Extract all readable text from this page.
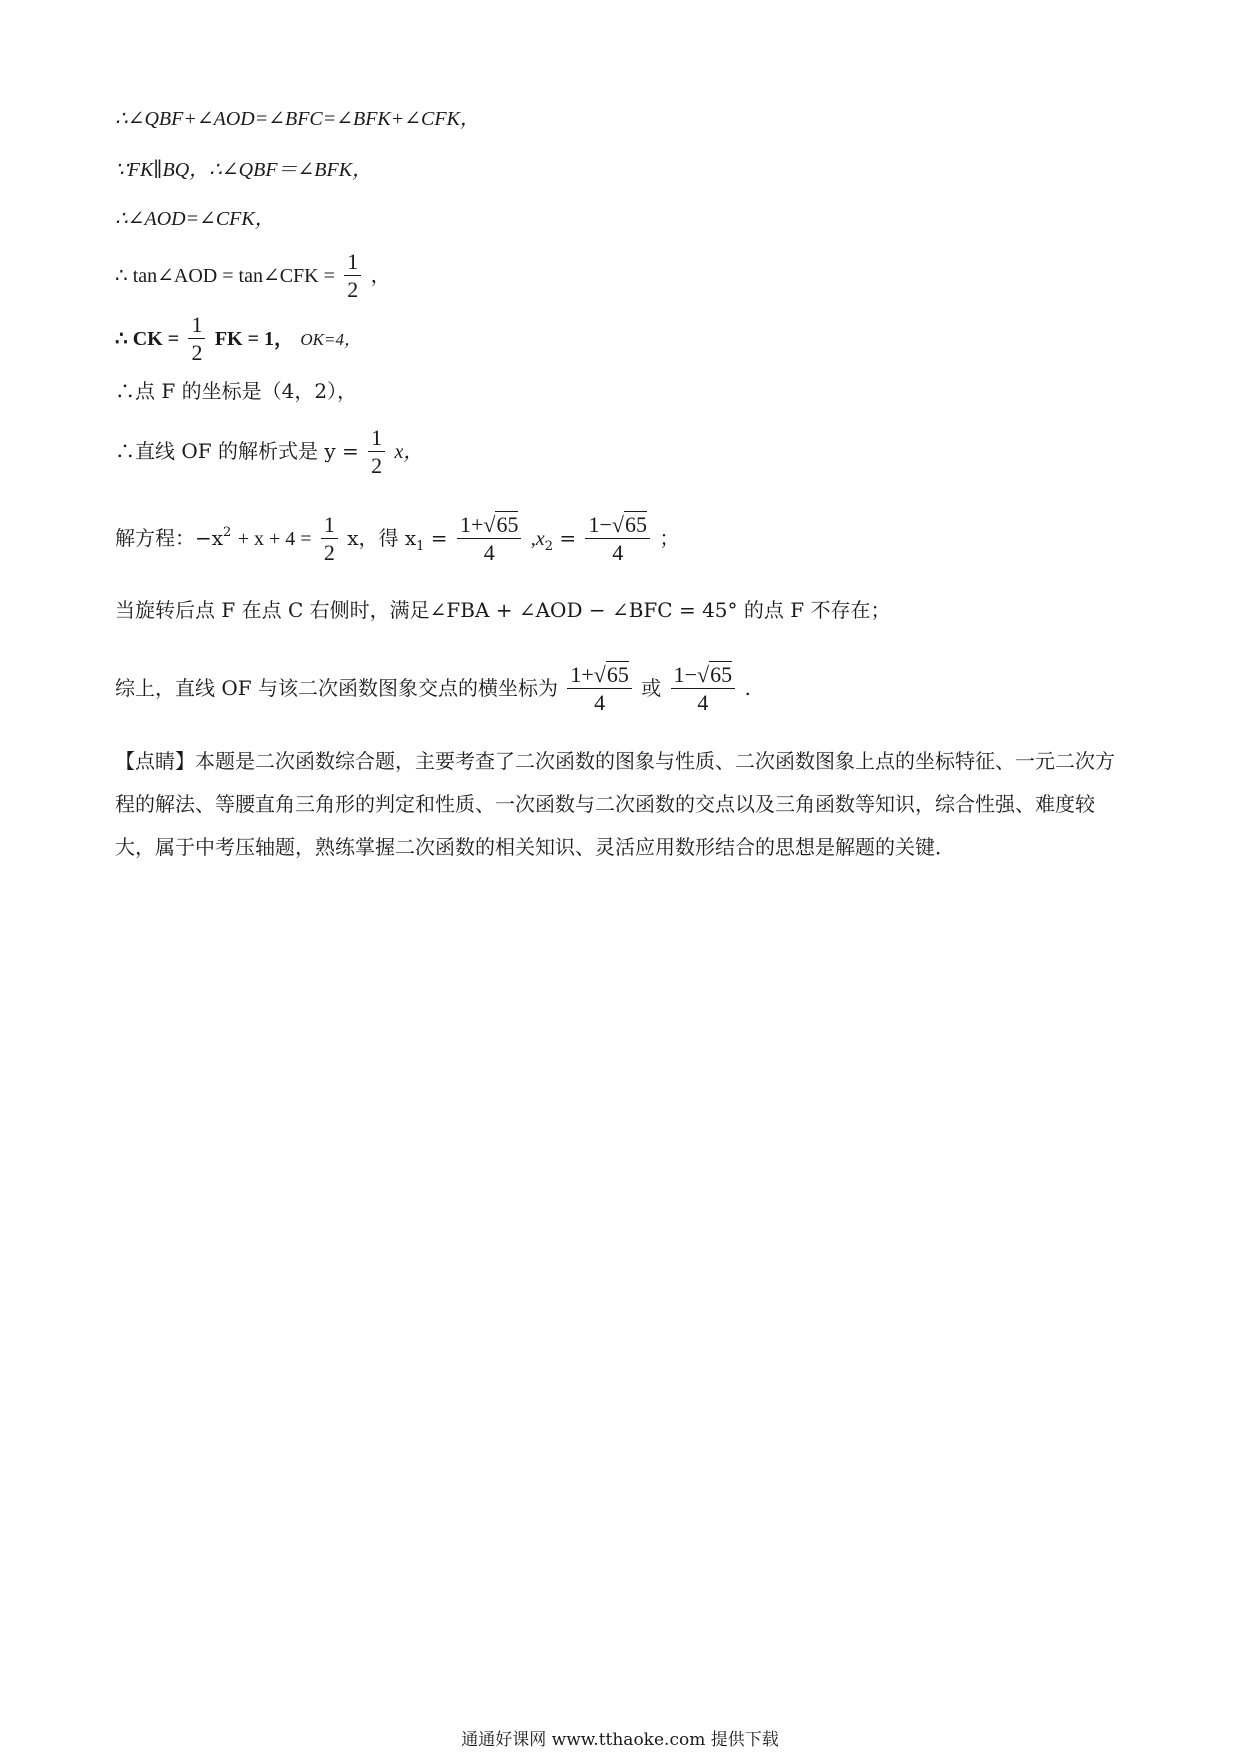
∴∠QBF+∠AOD=∠BFC=∠BFK+∠CFK，
∵FK∥BQ，∴∠QBF＝∠BFK，
∴∠AOD=∠CFK，
∴ tan∠AOD = tan∠CFK = $\frac{1}{2}$ ，
∴ CK = $\frac{1}{2}$ FK = 1， OK=4，
∴点 F 的坐标是（4，2），
∴直线 OF 的解析式是 $y = \frac{1}{2}$ x，
解方程：$-x^2 + x + 4 = \frac{1}{2}$ x，得 $x_1 = \frac{1+√65}{4} ,x_2 = \frac{1-√65}{4}$ ；
当旋转后点 F 在点 C 右侧时，满足∠FBA + ∠AOD − ∠BFC = 45° 的点 F 不存在；
综上，直线 OF 与该二次函数图象交点的横坐标为 $\frac{1+√65}{4}$ 或 $\frac{1-√65}{4}$ .
【点睛】本题是二次函数综合题，主要考查了二次函数的图象与性质、二次函数图象上点的坐标特征、一元二次方程的解法、等腰直角三角形的判定和性质、一次函数与二次函数的交点以及三角函数等知识，综合性强、难度较大，属于中考压轴题，熟练掌握二次函数的相关知识、灵活应用数形结合的思想是解题的关键．
通通好课网 www.tthaoke.com 提供下载
